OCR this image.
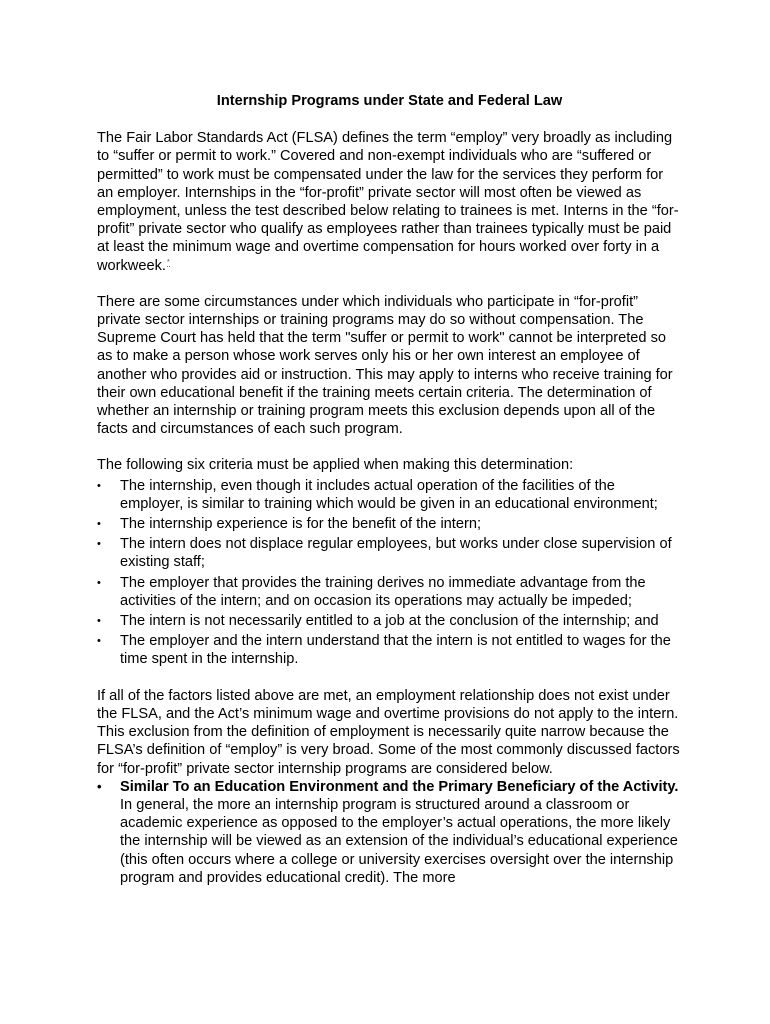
Internship Programs under State and Federal Law

The Fair Labor Standards Act (FLSA) defines the term “employ” very broadly as including to “suffer or permit to work.” Covered and non-exempt individuals who are “suffered or permitted” to work must be compensated under the law for the services they perform for an employer. Internships in the “for-profit” private sector will most often be viewed as employment, unless the test described below relating to trainees is met. Interns in the “for-profit” private sector who qualify as employees rather than trainees typically must be paid at least the minimum wage and overtime compensation for hours worked over forty in a workweek.*

There are some circumstances under which individuals who participate in “for-profit” private sector internships or training programs may do so without compensation. The Supreme Court has held that the term "suffer or permit to work" cannot be interpreted so as to make a person whose work serves only his or her own interest an employee of another who provides aid or instruction. This may apply to interns who receive training for their own educational benefit if the training meets certain criteria. The determination of whether an internship or training program meets this exclusion depends upon all of the facts and circumstances of each such program.

The following six criteria must be applied when making this determination:

• The internship, even though it includes actual operation of the facilities of the employer, is similar to training which would be given in an educational environment;
• The internship experience is for the benefit of the intern;
• The intern does not displace regular employees, but works under close supervision of existing staff;
• The employer that provides the training derives no immediate advantage from the activities of the intern; and on occasion its operations may actually be impeded;
• The intern is not necessarily entitled to a job at the conclusion of the internship; and
• The employer and the intern understand that the intern is not entitled to wages for the time spent in the internship.

If all of the factors listed above are met, an employment relationship does not exist under the FLSA, and the Act’s minimum wage and overtime provisions do not apply to the intern. This exclusion from the definition of employment is necessarily quite narrow because the FLSA’s definition of “employ” is very broad. Some of the most commonly discussed factors for “for-profit” private sector internship programs are considered below.

• Similar To an Education Environment and the Primary Beneficiary of the Activity. In general, the more an internship program is structured around a classroom or academic experience as opposed to the employer’s actual operations, the more likely the internship will be viewed as an extension of the individual’s educational experience (this often occurs where a college or university exercises oversight over the internship program and provides educational credit). The more
